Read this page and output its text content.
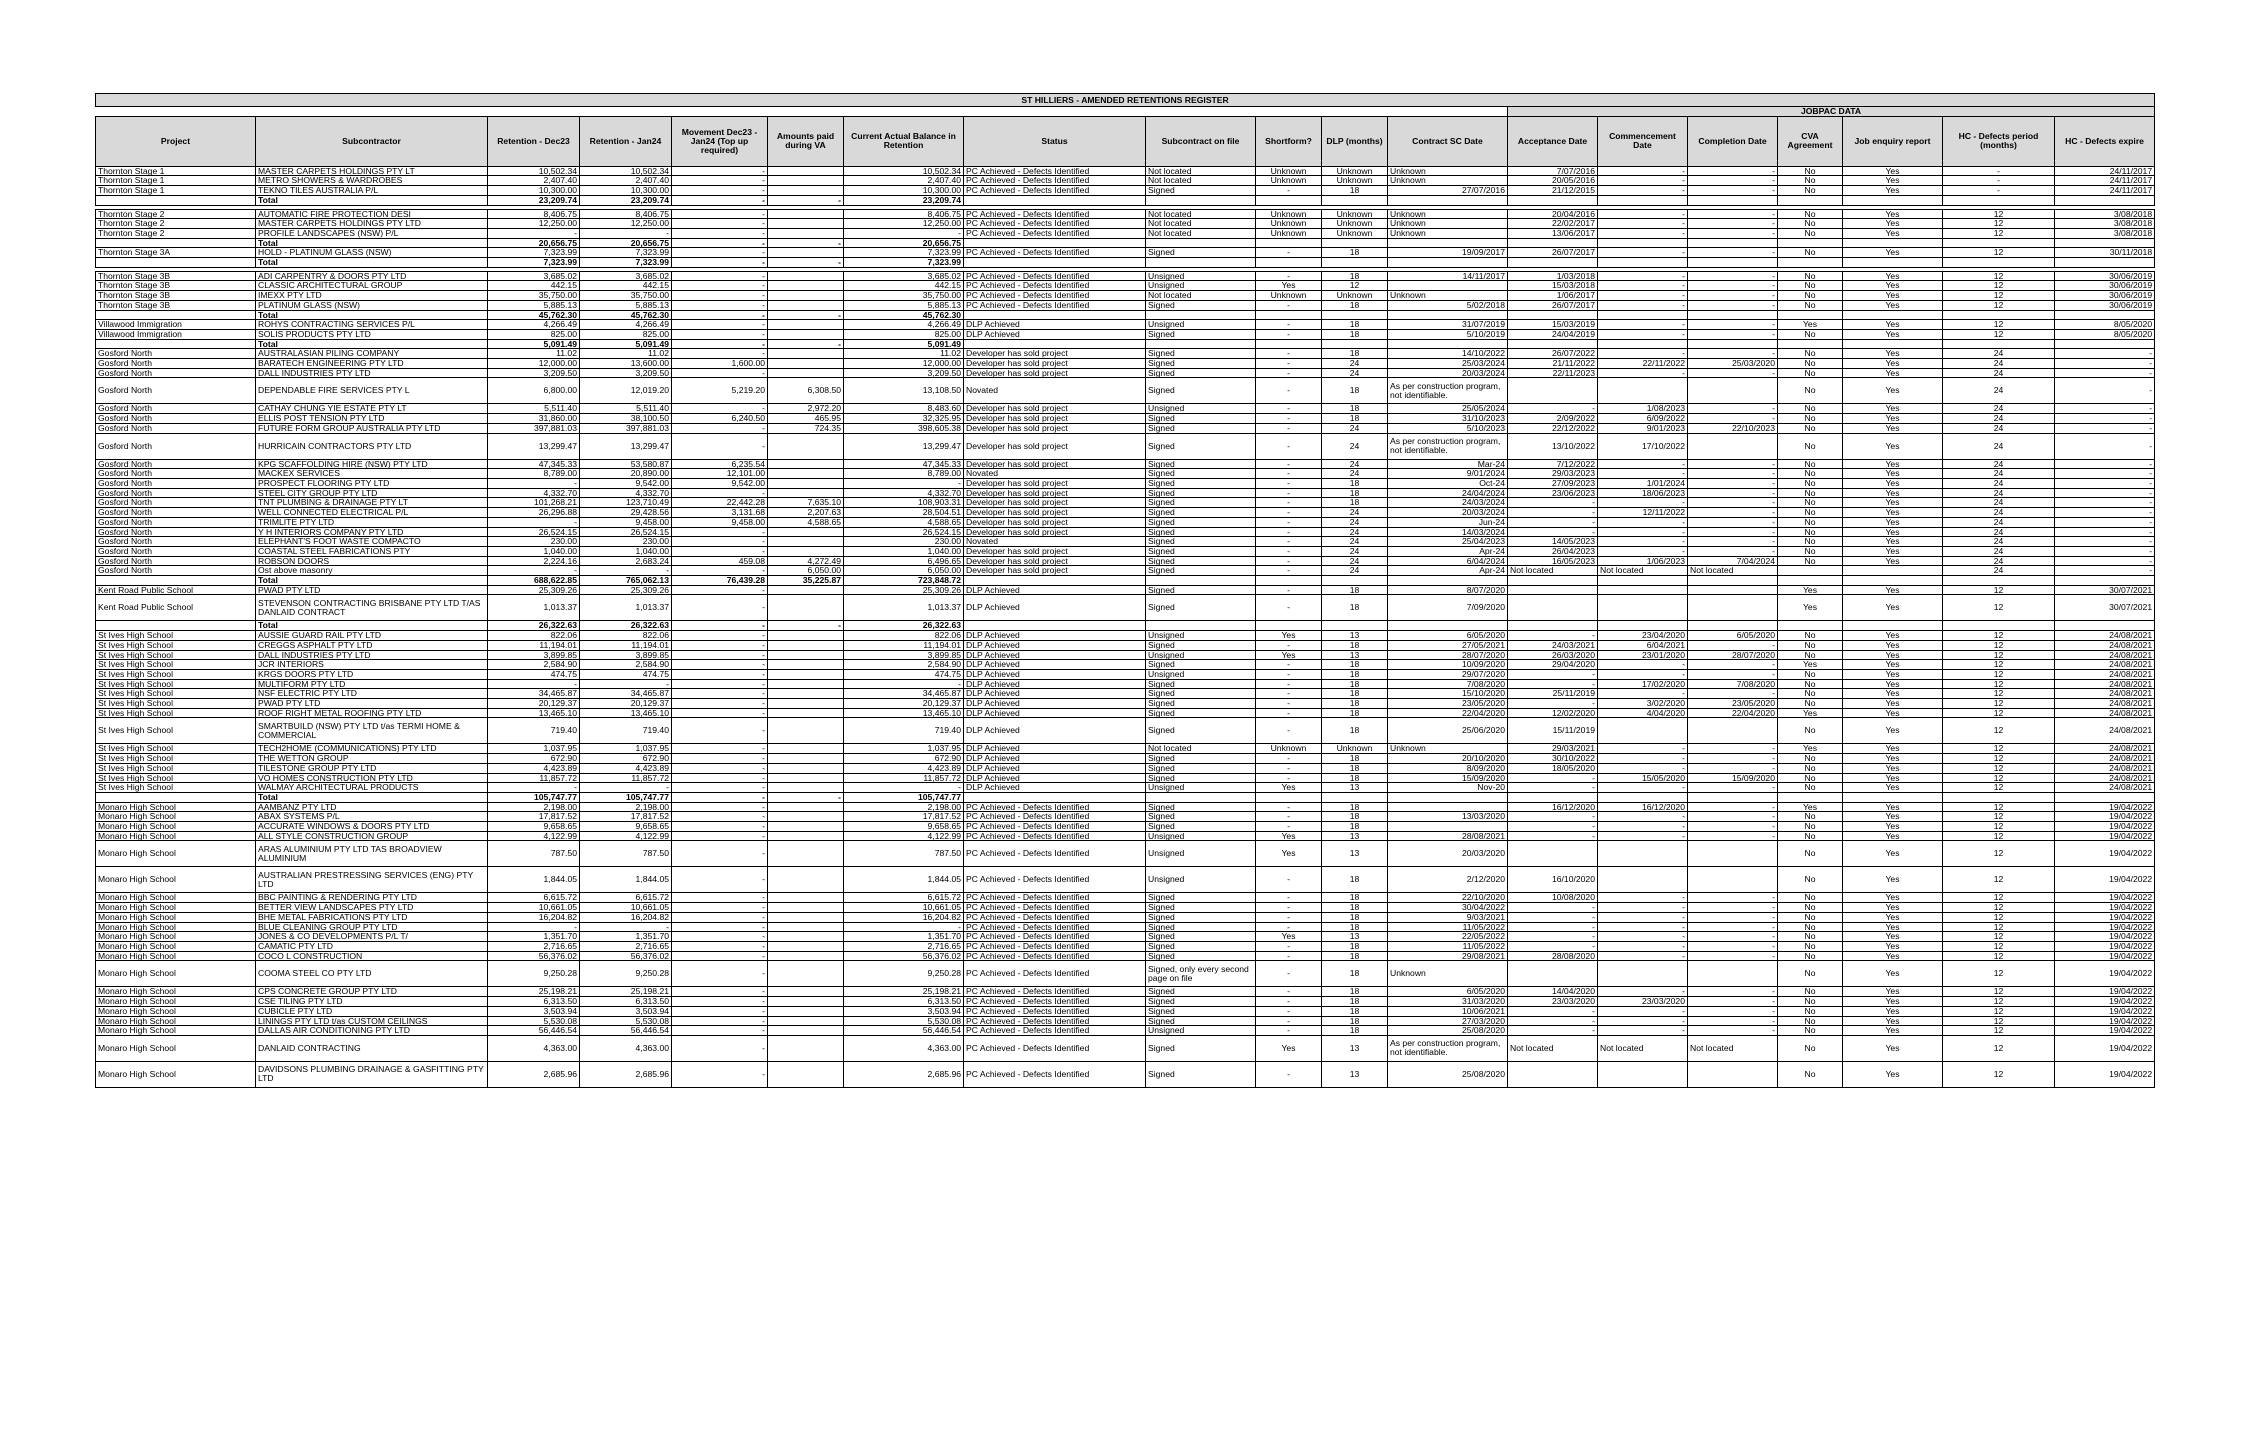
ST HILLIERS - AMENDED RETENTIONS REGISTER																		
												JOBPAC DATA						
Project	Subcontractor	Retention - Dec23	Retention - Jan24	Movement Dec23 - Jan24 (Top up required)	Amounts paid during VA	Current Actual Balance in Retention	Status	Subcontract on file	Shortform?	DLP (months)	Contract SC Date	Acceptance Date	Commencement Date	Completion Date	CVA Agreement	Job enquiry report	HC - Defects period (months)	HC - Defects expire
Thornton Stage 1	MASTER CARPETS HOLDINGS PTY LT	10,502.34	10,502.34	-		10,502.34	PC Achieved - Defects Identified	Not located	Unknown	Unknown	Unknown	7/07/2016	-	-	No	Yes	-	24/11/2017
Thornton Stage 1	METRO SHOWERS & WARDROBES	2,407.40	2,407.40	-		2,407.40	PC Achieved - Defects Identified	Not located	Unknown	Unknown	Unknown	20/05/2016	-	-	No	Yes	-	24/11/2017
Thornton Stage 1	TEKNO TILES AUSTRALIA P/L	10,300.00	10,300.00	-		10,300.00	PC Achieved - Defects Identified	Signed	-	18	27/07/2016	21/12/2015	-	-	No	Yes	-	24/11/2017
	Total	23,209.74	23,209.74	-	-	23,209.74												

Thornton Stage 2	AUTOMATIC FIRE PROTECTION DESI	8,406.75	8,406.75	-		8,406.75	PC Achieved - Defects Identified	Not located	Unknown	Unknown	Unknown	20/04/2016	-	-	No	Yes	12	3/08/2018
Thornton Stage 2	MASTER CARPETS HOLDINGS PTY LTD	12,250.00	12,250.00	-		12,250.00	PC Achieved - Defects Identified	Not located	Unknown	Unknown	Unknown	22/02/2017	-	-	No	Yes	12	3/08/2018
Thornton Stage 2	PROFILE LANDSCAPES (NSW) P/L	-	-	-		-	PC Achieved - Defects Identified	Not located	Unknown	Unknown	Unknown	13/06/2017	-	-	No	Yes	12	3/08/2018
	Total	20,656.75	20,656.75	-	-	20,656.75												
Thornton Stage 3A	HOLD - PLATINUM GLASS (NSW)	7,323.99	7,323.99	-		7,323.99	PC Achieved - Defects Identified	Signed	-	18	19/09/2017	26/07/2017	-	-	No	Yes	12	30/11/2018
	Total	7,323.99	7,323.99	-	-	7,323.99												

Thornton Stage 3B	ADI CARPENTRY & DOORS PTY LTD	3,685.02	3,685.02	-		3,685.02	PC Achieved - Defects Identified	Unsigned	-	18	14/11/2017	1/03/2018	-	-	No	Yes	12	30/06/2019
Thornton Stage 3B	CLASSIC ARCHITECTURAL GROUP	442.15	442.15	-		442.15	PC Achieved - Defects Identified	Unsigned	Yes	12		15/03/2018	-	-	No	Yes	12	30/06/2019
Thornton Stage 3B	IMEXX PTY LTD	35,750.00	35,750.00	-		35,750.00	PC Achieved - Defects Identified	Not located	Unknown	Unknown	Unknown	1/06/2017	-	-	No	Yes	12	30/06/2019
Thornton Stage 3B	PLATINUM GLASS (NSW)	5,885.13	5,885.13	-		5,885.13	PC Achieved - Defects Identified	Signed	-	18	5/02/2018	26/07/2017	-	-	No	Yes	12	30/06/2019
	Total	45,762.30	45,762.30	-	-	45,762.30												
Villawood Immigration	ROHYS CONTRACTING SERVICES P/L	4,266.49	4,266.49	-		4,266.49	DLP Achieved	Unsigned	-	18	31/07/2019	15/03/2019	-	-	Yes	Yes	12	8/05/2020
Villawood Immigration	SOLIS PRODUCTS PTY LTD	825.00	825.00	-		825.00	DLP Achieved	Signed	-	18	5/10/2019	24/04/2019	-	-	No	Yes	12	8/05/2020
	Total	5,091.49	5,091.49	-	-	5,091.49												
Gosford North	AUSTRALASIAN PILING COMPANY	11.02	11.02	-		11.02	Developer has sold project	Signed	-	18	14/10/2022	26/07/2022	-	-	No	Yes	24	-
Gosford North	BARATECH ENGINEERING PTY LTD	12,000.00	13,600.00	1,600.00		12,000.00	Developer has sold project	Signed	-	24	25/03/2024	21/11/2022	22/11/2022	25/03/2020	No	Yes	24	-
Gosford North	DALL INDUSTRIES PTY LTD	3,209.50	3,209.50	-		3,209.50	Developer has sold project	Signed	-	24	20/03/2024	22/11/2023	-	-	No	Yes	24	-
Gosford North	DEPENDABLE FIRE SERVICES PTY L	6,800.00	12,019.20	5,219.20	6,308.50	13,108.50	Novated	Signed	-	18	As per construction program, not identifiable.				No	Yes	24	-
Gosford North	CATHAY CHUNG YIE ESTATE PTY LT	5,511.40	5,511.40	-	2,972.20	8,483.60	Developer has sold project	Unsigned	-	18	25/05/2024	-	1/08/2023	-	No	Yes	24	-
Gosford North	ELLIS POST TENSION PTY LTD	31,860.00	38,100.50	6,240.50	465.95	32,325.95	Developer has sold project	Signed	-	18	31/10/2023	2/09/2022	6/09/2022	-	No	Yes	24	-
Gosford North	FUTURE FORM GROUP AUSTRALIA PTY LTD	397,881.03	397,881.03	-	724.35	398,605.38	Developer has sold project	Signed	-	24	5/10/2023	22/12/2022	9/01/2023	22/10/2023	No	Yes	24	-
Gosford North	HURRICAIN CONTRACTORS PTY LTD	13,299.47	13,299.47	-		13,299.47	Developer has sold project	Signed	-	24	As per construction program, not identifiable.	13/10/2022	17/10/2022		No	Yes	24	-
Gosford North	KPG SCAFFOLDING HIRE (NSW) PTY LTD	47,345.33	53,580.87	6,235.54		47,345.33	Developer has sold project	Signed	-	24	Mar-24	7/12/2022	-	-	No	Yes	24	-
Gosford North	MACKEX SERVICES	8,789.00	20,890.00	12,101.00		8,789.00	Novated	Signed	-	24	9/01/2024	29/03/2023	-	-	No	Yes	24	-
Gosford North	PROSPECT FLOORING PTY LTD	-	9,542.00	9,542.00		-	Developer has sold project	Signed	-	18	Oct-24	27/09/2023	1/01/2024	-	No	Yes	24	-
Gosford North	STEEL CITY GROUP PTY LTD	4,332.70	4,332.70	-		4,332.70	Developer has sold project	Signed	-	18	24/04/2024	23/06/2023	18/06/2023	-	No	Yes	24	-
Gosford North	TNT PLUMBING & DRAINAGE PTY LT	101,268.21	123,710.49	22,442.28	7,635.10	108,903.31	Developer has sold project	Signed	-	18	24/03/2024	-	-	-	No	Yes	24	-
Gosford North	WELL CONNECTED ELECTRICAL P/L	26,296.88	29,428.56	3,131.68	2,207.63	28,504.51	Developer has sold project	Signed	-	24	20/03/2024	-	12/11/2022	-	No	Yes	24	-
Gosford North	TRIMLITE PTY LTD	-	9,458.00	9,458.00	4,588.65	4,588.65	Developer has sold project	Signed	-	24	Jun-24	-	-	-	No	Yes	24	-
Gosford North	Y H INTERIORS COMPANY PTY LTD	26,524.15	26,524.15	-		26,524.15	Developer has sold project	Signed	-	24	14/03/2024	-	-	-	No	Yes	24	-
Gosford North	ELEPHANT'S FOOT WASTE COMPACTO	230.00	230.00	-		230.00	Novated	Signed	-	24	25/04/2023	14/05/2023	-	-	No	Yes	24	-
Gosford North	COASTAL STEEL FABRICATIONS PTY	1,040.00	1,040.00	-		1,040.00	Developer has sold project	Signed	-	24	Apr-24	26/04/2023	-	-	No	Yes	24	-
Gosford North	ROBSON DOORS	2,224.16	2,683.24	459.08	4,272.49	6,496.65	Developer has sold project	Signed	-	24	6/04/2024	16/05/2023	1/06/2023	7/04/2024	No	Yes	24	-
Gosford North	Ost above masonry	-	-	-	6,050.00	6,050.00	Developer has sold project	Signed	-	24	Apr-24	Not located	Not located	Not located			24	-
	Total	688,622.85	765,062.13	76,439.28	35,225.87	723,848.72												
Kent Road Public School	PWAD PTY LTD	25,309.26	25,309.26	-		25,309.26	DLP Achieved	Signed	-	18	8/07/2020				Yes	Yes	12	30/07/2021
Kent Road Public School	STEVENSON CONTRACTING BRISBANE PTY LTD T/AS DANLAID CONTRACT	1,013.37	1,013.37	-		1,013.37	DLP Achieved	Signed	-	18	7/09/2020				Yes	Yes	12	30/07/2021
	Total	26,322.63	26,322.63	-	-	26,322.63												
St Ives High School	AUSSIE GUARD RAIL PTY LTD	822.06	822.06	-		822.06	DLP Achieved	Unsigned	Yes	13	6/05/2020	-	23/04/2020	6/05/2020	No	Yes	12	24/08/2021
St Ives High School	CREGGS ASPHALT PTY LTD	11,194.01	11,194.01	-		11,194.01	DLP Achieved	Signed	-	18	27/05/2021	24/03/2021	6/04/2021	-	No	Yes	12	24/08/2021
St Ives High School	DALL INDUSTRIES PTY LTD	3,899.85	3,899.85	-		3,899.85	DLP Achieved	Unsigned	Yes	13	28/07/2020	26/03/2020	23/01/2020	28/07/2020	No	Yes	12	24/08/2021
St Ives High School	JCR INTERIORS	2,584.90	2,584.90	-		2,584.90	DLP Achieved	Signed	-	18	10/09/2020	29/04/2020	-	-	Yes	Yes	12	24/08/2021
St Ives High School	KRGS DOORS PTY LTD	474.75	474.75	-		474.75	DLP Achieved	Unsigned	-	18	29/07/2020	-	-	-	No	Yes	12	24/08/2021
St Ives High School	MULTIFORM PTY LTD	-	-	-		-	DLP Achieved	Signed	-	18	7/08/2020	-	17/02/2020	7/08/2020	No	Yes	12	24/08/2021
St Ives High School	NSF ELECTRIC PTY LTD	34,465.87	34,465.87	-		34,465.87	DLP Achieved	Signed	-	18	15/10/2020	25/11/2019	-	-	No	Yes	12	24/08/2021
St Ives High School	PWAD PTY LTD	20,129.37	20,129.37	-		20,129.37	DLP Achieved	Signed	-	18	23/05/2020	-	3/02/2020	23/05/2020	No	Yes	12	24/08/2021
St Ives High School	ROOF RIGHT METAL ROOFING PTY LTD	13,465.10	13,465.10	-		13,465.10	DLP Achieved	Signed	-	18	22/04/2020	12/02/2020	4/04/2020	22/04/2020	Yes	Yes	12	24/08/2021
St Ives High School	SMARTBUILD (NSW) PTY LTD t/as TERMI HOME & COMMERCIAL	719.40	719.40	-		719.40	DLP Achieved	Signed	-	18	25/06/2020	15/11/2019			No	Yes	12	24/08/2021
St Ives High School	TECH2HOME (COMMUNICATIONS) PTY LTD	1,037.95	1,037.95	-		1,037.95	DLP Achieved	Not located	Unknown	Unknown	Unknown	29/03/2021	-	-	Yes	Yes	12	24/08/2021
St Ives High School	THE WETTON GROUP	672.90	672.90	-		672.90	DLP Achieved	Signed	-	18	20/10/2020	30/10/2022	-	-	No	Yes	12	24/08/2021
St Ives High School	TILESTONE GROUP PTY LTD	4,423.89	4,423.89	-		4,423.89	DLP Achieved	Signed	-	18	8/09/2020	18/05/2020	-	-	No	Yes	12	24/08/2021
St Ives High School	VO HOMES CONSTRUCTION PTY LTD	11,857.72	11,857.72	-		11,857.72	DLP Achieved	Signed	-	18	15/09/2020	-	15/05/2020	15/09/2020	No	Yes	12	24/08/2021
St Ives High School	WALMAY ARCHITECTURAL PRODUCTS	-	-	-		-	DLP Achieved	Unsigned	Yes	13	Nov-20	-	-	-	No	Yes	12	24/08/2021
	Total	105,747.77	105,747.77	-	-	105,747.77												
Monaro High School	AAMBANZ PTY LTD	2,198.00	2,198.00	-		2,198.00	PC Achieved - Defects Identified	Signed	-	18		16/12/2020	16/12/2020	-	Yes	Yes	12	19/04/2022
Monaro High School	ABAX SYSTEMS P/L	17,817.52	17,817.52	-		17,817.52	PC Achieved - Defects Identified	Signed	-	18	13/03/2020	-	-	-	No	Yes	12	19/04/2022
Monaro High School	ACCURATE WINDOWS & DOORS PTY LTD	9,658.65	9,658.65	-		9,658.65	PC Achieved - Defects Identified	Signed	-	18		-	-	-	No	Yes	12	19/04/2022
Monaro High School	ALL STYLE CONSTRUCTION GROUP	4,122.99	4,122.99	-		4,122.99	PC Achieved - Defects Identified	Unsigned	Yes	13	28/08/2021	-	-	-	No	Yes	12	19/04/2022
Monaro High School	ARAS ALUMINIUM PTY LTD TAS BROADVIEW ALUMINIUM	787.50	787.50	-		787.50	PC Achieved - Defects Identified	Unsigned	Yes	13	20/03/2020				No	Yes	12	19/04/2022
Monaro High School	AUSTRALIAN PRESTRESSING SERVICES (ENG) PTY LTD	1,844.05	1,844.05	-		1,844.05	PC Achieved - Defects Identified	Unsigned	-	18	2/12/2020	16/10/2020			No	Yes	12	19/04/2022
Monaro High School	BBC PAINTING & RENDERING PTY LTD	6,615.72	6,615.72	-		6,615.72	PC Achieved - Defects Identified	Signed	-	18	22/10/2020	10/08/2020	-	-	No	Yes	12	19/04/2022
Monaro High School	BETTER VIEW LANDSCAPES PTY LTD	10,661.05	10,661.05	-		10,661.05	PC Achieved - Defects Identified	Signed	-	18	30/04/2022	-	-	-	No	Yes	12	19/04/2022
Monaro High School	BHE METAL FABRICATIONS PTY LTD	16,204.82	16,204.82	-		16,204.82	PC Achieved - Defects Identified	Signed	-	18	9/03/2021	-	-	-	No	Yes	12	19/04/2022
Monaro High School	BLUE CLEANING GROUP PTY LTD	-	-	-		-	PC Achieved - Defects Identified	Signed	-	18	11/05/2022	-	-	-	No	Yes	12	19/04/2022
Monaro High School	JONES & CO DEVELOPMENTS P/L T/	1,351.70	1,351.70	-		1,351.70	PC Achieved - Defects Identified	Signed	Yes	13	22/05/2022	-	-	-	No	Yes	12	19/04/2022
Monaro High School	CAMATIC PTY LTD	2,716.65	2,716.65	-		2,716.65	PC Achieved - Defects Identified	Signed	-	18	11/05/2022	-	-	-	No	Yes	12	19/04/2022
Monaro High School	COCO L CONSTRUCTION	56,376.02	56,376.02	-		56,376.02	PC Achieved - Defects Identified	Signed	-	18	29/08/2021	28/08/2020	-	-	No	Yes	12	19/04/2022
Monaro High School	COOMA STEEL CO PTY LTD	9,250.28	9,250.28	-		9,250.28	PC Achieved - Defects Identified	Signed, only every second page on file	-	18	Unknown				No	Yes	12	19/04/2022
Monaro High School	CPS CONCRETE GROUP PTY LTD	25,198.21	25,198.21	-		25,198.21	PC Achieved - Defects Identified	Signed	-	18	6/05/2020	14/04/2020	-	-	No	Yes	12	19/04/2022
Monaro High School	CSE TILING PTY LTD	6,313.50	6,313.50	-		6,313.50	PC Achieved - Defects Identified	Signed	-	18	31/03/2020	23/03/2020	23/03/2020	-	No	Yes	12	19/04/2022
Monaro High School	CUBICLE PTY LTD	3,503.94	3,503.94	-		3,503.94	PC Achieved - Defects Identified	Signed	-	18	10/06/2021	-	-	-	No	Yes	12	19/04/2022
Monaro High School	LININGS PTY LTD t/as CUSTOM CEILINGS	5,530.08	5,530.08	-		5,530.08	PC Achieved - Defects Identified	Signed	-	18	27/03/2020	-	-	-	No	Yes	12	19/04/2022
Monaro High School	DALLAS AIR CONDITIONING PTY LTD	56,446.54	56,446.54	-		56,446.54	PC Achieved - Defects Identified	Unsigned	-	18	25/08/2020	-	-	-	No	Yes	12	19/04/2022
Monaro High School	DANLAID CONTRACTING	4,363.00	4,363.00	-		4,363.00	PC Achieved - Defects Identified	Signed	Yes	13	As per construction program, not identifiable.	Not located	Not located	Not located	No	Yes	12	19/04/2022
Monaro High School	DAVIDSONS PLUMBING DRAINAGE & GASFITTING PTY LTD	2,685.96	2,685.96	-		2,685.96	PC Achieved - Defects Identified	Signed	-	13	25/08/2020				No	Yes	12	19/04/2022
